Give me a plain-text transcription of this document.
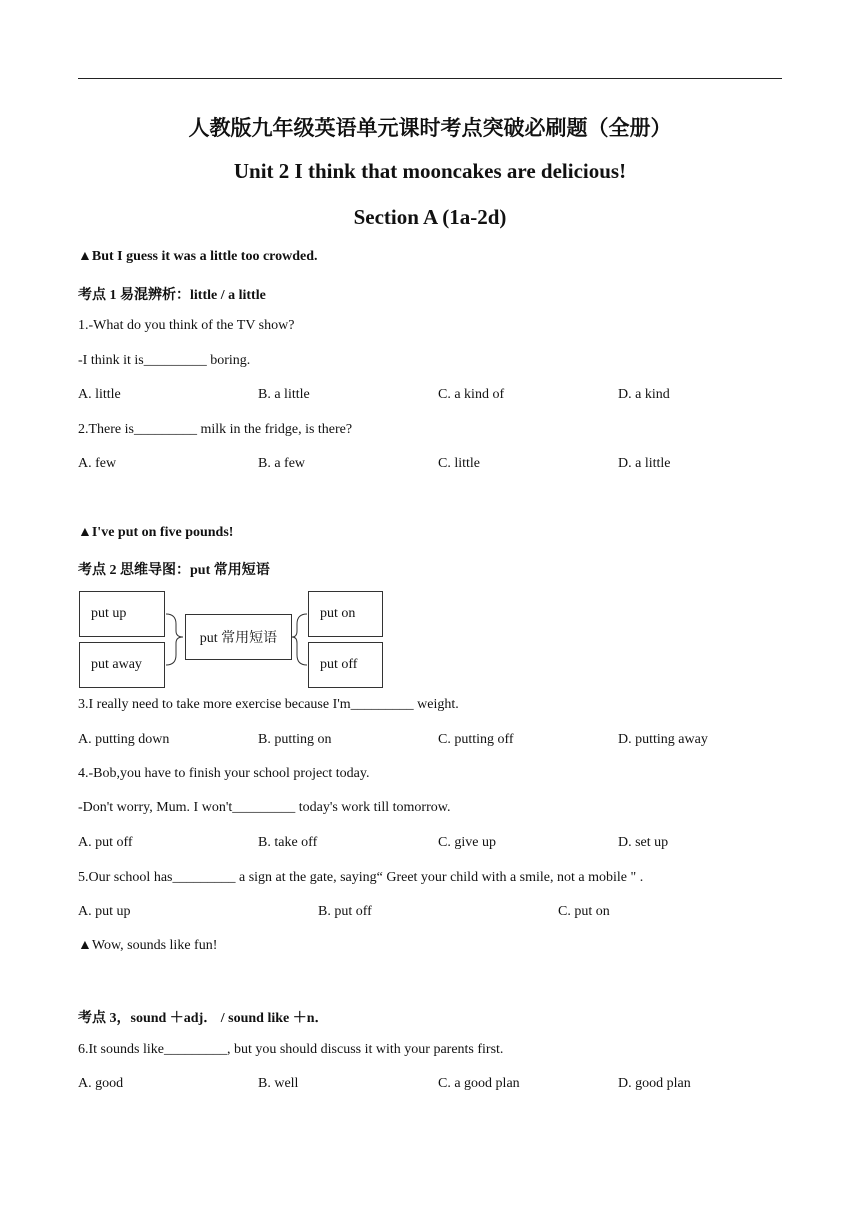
人教版九年级英语单元课时考点突破必刷题（全册）
Unit 2 I think that mooncakes are delicious!
Section A (1a-2d)
▲But I guess it was a little too crowded.
考点 1 易混辨析：little / a little
1.-What do you think of the TV show?
-I think it is_________ boring.
A. little	B. a little	C. a kind of	D. a kind
2.There is_________ milk in the fridge, is there?
A. few	B. a few	C. little	D. a little
▲I've put on five pounds!
考点 2 思维导图：put 常用短语
put up
put away
put 常用短语
put on
put off
3.I really need to take more exercise because I'm_________ weight.
A. putting down	B. putting on	C. putting off	D. putting away
4.-Bob,you have to finish your school project today.
-Don't worry, Mum. I won't_________ today's work till tomorrow.
A. put off	B. take off	C. give up	D. set up
5.Our school has_________ a sign at the gate, saying“ Greet your child with a smile, not a mobile " .
A. put up	B. put off	C. put on
▲Wow, sounds like fun!
考点 3，sound ＋adj． / sound like ＋n．
6.It sounds like_________, but you should discuss it with your parents first.
A. good	B. well	C. a good plan	D. good plan
